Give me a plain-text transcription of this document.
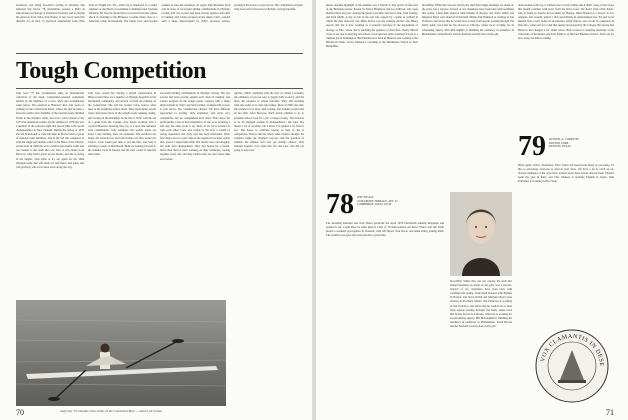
bookstore, and doing free-lance writing in Vermont. She authored Vox Vector '78, meanwhile, pursues a Ph.D. in educational psychology at Stanford University and is playing the guitar in local clubs. Jack Nunez, at last word, tested his diploma for an M.S. in electrical engineering from Ohio State in Wright Pat, Fla., where he is employed as a senior engineer at the Harris Government Communication Systems Division. By now he should have recovered from the culture shock of returning to the Midwest, it seems rather close to a suburban condo development. The bands, bars, and beaches seemed to ease the transition. At Apgar Kim Rossmus York sent in news of successful sibling combinations in Olympic rowing. The two Gowns had been rowing against each other in training, and Carie's progress in the single sculls, coupled with a sharp improvement by Judy's previous partner, prompted the rowers to join forces. The combination clicked. Judy Geer and Carie Graves Olympic rowing hopefuls.
Tough Competition
Judy Geer '75 has accumulated quite an international collection of the sleek, competition-oriented equipment needed by the members of a crew. She's also accumulated some prizes. She returned to Hanover after four years of training on the Connecticut River, where she had become a first-rate sculler and a member of the national team, finished fourth at the Olympic trials, and won a silver medal at the 1975 Pan American Games. In the summer of 1978 she was a member of the women's eight that placed fifth at the world championships in New Zealand. During the spring of 1979 she left Dartmouth to train full time in Boston with a group of national team members, and in the fall she competed in both the single and double sculls at the Head of the Charles. At the trials in 1980 she won a berth in the double sculls and was named to the team that was later to stay home from Moscow. Judy hasn't given up the dream, and she is racing in the singles, with plans to try out again for the 1984 Olympic team. She will study art, and dance, and paint, and will probably win a few more races along the way.
Judy Geer posted her driving a mouth conversation in Hanover that there are a number of Olympic hopefuls in the Dartmouth community, and several of them are training on the Connecticut. She and her partner Carie Graves often meet at the boathouse before dawn. They spend hours on the water, then hours more in the weight room, running, skiing, and rowing on the machines. In the fall of 1979, with the aid of a grant from the College, they began working with a coach in Hanover. Rowing, they say, is a sport that demands total commitment. Judy estimates she spends about six hours a day training, more on weekends. The sacrifices are many, the rewards few, but both women say they would not trade it. Carie works part time to pay the bills, and Judy is teaching a course at Dartmouth. Both are looking forward to the summer races in Europe and the next round of national team trials.
successful sibling combinations in Olympic rowing. The two Gowns had been rowing against each other in training, and Carie's progress in the single sculls, coupled with a sharp improvement by Judy's previous partner, prompted the rowers to join forces. The combination clicked. 'We have different approaches to rowing,' Judy explained, 'and we're very competitive, but we complement each other.' She's more the perfectionist. Carie is more instinctive. If one of us is having a bad day, the other picks it up. Most of all we've learned to trust each other. Carie also brings to the boat a wealth of racing experience that Judy says has been invaluable. Their first major test as a pair came at the regatta in Lucerne, where they placed a respectable fifth. The results were encouraging, but both were disappointed. They had hoped for a medal. Since then they've been working on their technique, rowing together every day, and they believe they are now faster than ever before.
psiodes, which combined with the start of classes ('Actually, she admitted, it was not easy to juggle both at once'), and the more she returned to school full-time. She's still deciding what she wants to do after the Games. Most of 1980, she said, she planned to be busy with rowing, and training would take all her time. After Moscow, she'll decide whether to go to graduate school, look for a job, or keep rowing. 'The decision to be an engaged woman in independence,' she said, 'has meant a lot of sacrifice, but I know I've gained a lot from it too.' She hopes to continue rowing as long as she is competitive. There's still the whole other chapter, though: the women's eight, the Olympic boycott, and the question of whether the athletes will ever get another chance. Judy remains hopeful. 'I've come this far,' she says, 'and I'm not going to stop now.'
Judy Geer '75, Olympic rower, trains on the Connecticut River — when it isn't frozen.
70
inside. Another highlight of the summer was a Fourth of July picnic on the lawn of the Bickmore house, hosted by Nancy Bickmore and Joe Sullivan, who were married there last year. Among the guests were Bob and Sara Crane, Tom Lemley, and Paul Smith. A day of fun in the sun was capped by a game of softball in which the men narrowly lost. Mike Pearce was the winning pitcher. Sue Haney reports that she is now working as a research associate in the department of biology at Yale, where she is studying the genetics of fruit flies. Nancy Hirsch wrote to say she is enjoying law school at Georgetown and is looking forward to a summer job in Washington. Bill Henderson is back in Hanover and working at the Hitchcock Clinic. Dave Johnston is teaching at the Holderness School in New Hampshire.
incredible! While this was not exactly the stuff that budget meetings are made of, the party was a success. Several of our classmates have been busy with weddings this spring. Linda Kirk married John Perkins in Boston, and Steve Walsh and Margaret Boyd were married in Portland, Maine. Jim Fullerton is working in San Francisco and writes that he would love to hear from anyone passing through. Pat Kelly sends word that he has moved to Chicago, where he is working for an advertising agency. Bill McLaughlin is finishing his residency in pediatrics in Philadelphia. Sarah Brown and her husband recently had a baby girl.
turns around at the top. (I rubbed over it several times and it didn't come.) Class notes this month continue with news from the West Coast. We heard from Chris Ferris, who is living in Seattle and working for Boeing. Mark Hanson is a lawyer in Los Angeles, and recently joined a firm specializing in entertainment law. Ed and Carol Russell have a new home in Sacramento. Andy Wilson, who works in computers in Palo Alto, came east for a visit this spring and stopped by the College. He reports that Hanover has changed a lot. Other notes: Beth Carlson is studying medicine at the University of Rochester, and Tom Reilly is at Harvard Business School. That's all for now. Keep the letters coming.
79 RUSSELL A. COMPTON
BOSTON CORP.
DENTON, TEXAS
Hello again, fellow classmates. Since I have not heard from many of you lately, I'd like to encourage everyone to send in your news. We have a lot to catch up on. Several members of the class have written about their travels abroad. Peter Thomas spent the year in Paris, and Tina Johnson is teaching English in Japan. John Fairbanks is working in New York.
78 JEFF INGALL
19 PEABODY TERRACE, APT. 22
CAMBRIDGE, MASS. 02138
The Amazing Knutzen and Jean Dixon predicted the April 1979 Dartmouth Alumni Magazine and pointed it out. Could there be some kind of Class of '78 mini-reunion out there? Nancy and Jim Kohn hosted a weekend get-together in Vermont, with Jeff Ingall, Tom Davis, and Anne Tetley joining them. The weather was great and everyone had a good time.
incredible! While this was not exactly the stuff that budget meetings are made of, the party was a success. Several of our classmates have been busy with weddings this spring. Linda Kirk married John Perkins in Boston, and Steve Walsh and Margaret Boyd were married in Portland, Maine. Jim Fullerton is working in San Francisco and writes that he would love to hear from anyone passing through. Pat Kelly sends word that he has moved to Chicago, where he is working for an advertising agency. Bill McLaughlin is finishing his residency in pediatrics in Philadelphia. Sarah Brown and her husband recently had a baby girl.
VOX CLAMANTIS IN DESE
71
